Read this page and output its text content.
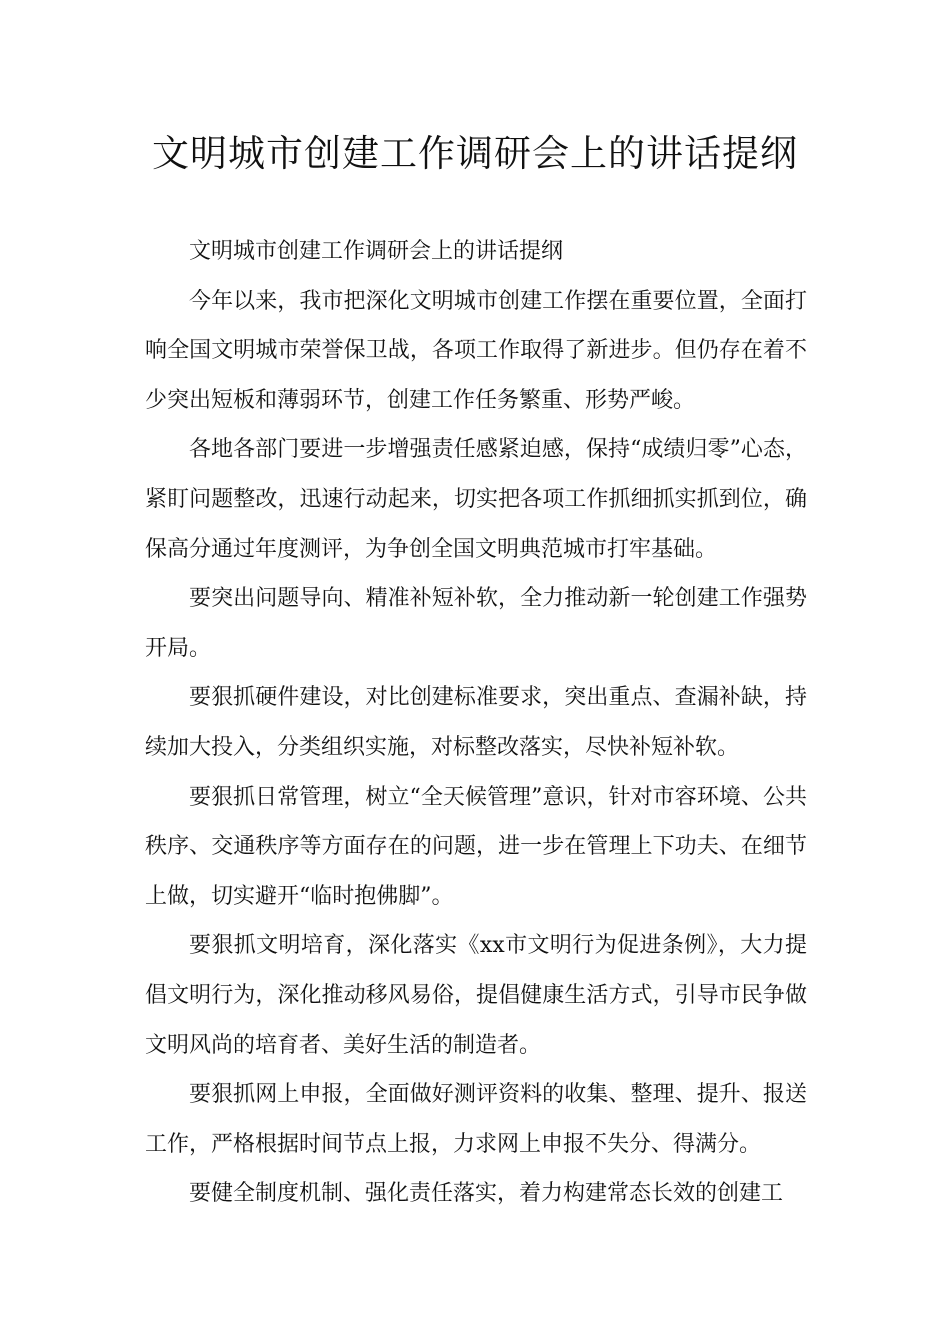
文明城市创建工作调研会上的讲话提纲

文明城市创建工作调研会上的讲话提纲

今年以来，我市把深化文明城市创建工作摆在重要位置，全面打响全国文明城市荣誉保卫战，各项工作取得了新进步。但仍存在着不少突出短板和薄弱环节，创建工作任务繁重、形势严峻。

各地各部门要进一步增强责任感紧迫感，保持“成绩归零”心态，紧盯问题整改，迅速行动起来，切实把各项工作抓细抓实抓到位，确保高分通过年度测评，为争创全国文明典范城市打牢基础。

要突出问题导向、精准补短补软，全力推动新一轮创建工作强势开局。

要狠抓硬件建设，对比创建标准要求，突出重点、查漏补缺，持续加大投入，分类组织实施，对标整改落实，尽快补短补软。

要狠抓日常管理，树立“全天候管理”意识，针对市容环境、公共秩序、交通秩序等方面存在的问题，进一步在管理上下功夫、在细节上做，切实避开“临时抱佛脚”。

要狠抓文明培育，深化落实《xx市文明行为促进条例》，大力提倡文明行为，深化推动移风易俗，提倡健康生活方式，引导市民争做文明风尚的培育者、美好生活的制造者。

要狠抓网上申报，全面做好测评资料的收集、整理、提升、报送工作，严格根据时间节点上报，力求网上申报不失分、得满分。

要健全制度机制、强化责任落实，着力构建常态长效的创建工
